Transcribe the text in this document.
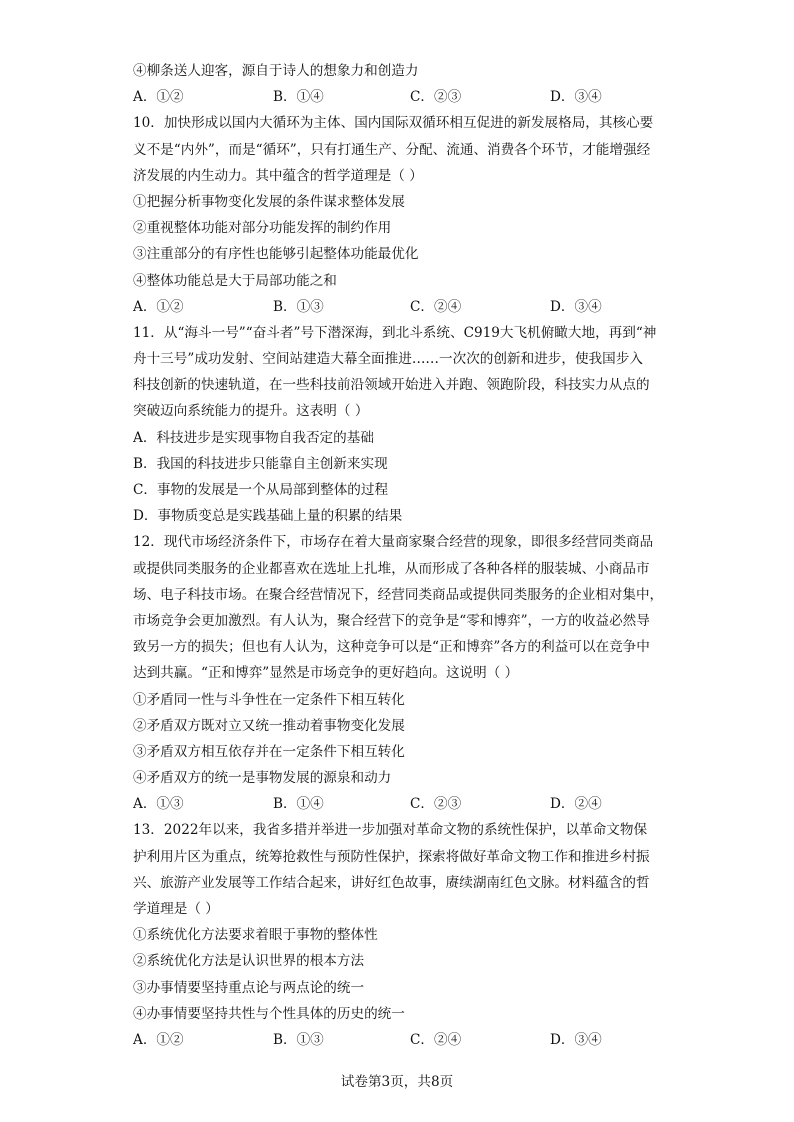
④柳条送人迎客，源自于诗人的想象力和创造力
A．①②	B．①④	C．②③	D．③④
10．加快形成以国内大循环为主体、国内国际双循环相互促进的新发展格局，其核心要
义不是“内外”，而是“循环”，只有打通生产、分配、流通、消费各个环节，才能增强经
济发展的内生动力。其中蕴含的哲学道理是（ ）
①把握分析事物变化发展的条件谋求整体发展
②重视整体功能对部分功能发挥的制约作用
③注重部分的有序性也能够引起整体功能最优化
④整体功能总是大于局部功能之和
A．①②	B．①③	C．②④	D．③④
11．从“海斗一号”“奋斗者”号下潜深海，到北斗系统、C919大飞机俯瞰大地，再到“神
舟十三号”成功发射、空间站建造大幕全面推进……一次次的创新和进步，使我国步入
科技创新的快速轨道，在一些科技前沿领域开始进入并跑、领跑阶段，科技实力从点的
突破迈向系统能力的提升。这表明（ ）
A．科技进步是实现事物自我否定的基础
B．我国的科技进步只能靠自主创新来实现
C．事物的发展是一个从局部到整体的过程
D．事物质变总是实践基础上量的积累的结果
12．现代市场经济条件下，市场存在着大量商家聚合经营的现象，即很多经营同类商品
或提供同类服务的企业都喜欢在选址上扎堆，从而形成了各种各样的服装城、小商品市
场、电子科技市场。在聚合经营情况下，经营同类商品或提供同类服务的企业相对集中，
市场竞争会更加激烈。有人认为，聚合经营下的竞争是“零和博弈”，一方的收益必然导
致另一方的损失；但也有人认为，这种竞争可以是“正和博弈”各方的利益可以在竞争中
达到共赢。“正和博弈”显然是市场竞争的更好趋向。这说明（ ）
①矛盾同一性与斗争性在一定条件下相互转化
②矛盾双方既对立又统一推动着事物变化发展
③矛盾双方相互依存并在一定条件下相互转化
④矛盾双方的统一是事物发展的源泉和动力
A．①③	B．①④	C．②③	D．②④
13．2022年以来，我省多措并举进一步加强对革命文物的系统性保护，以革命文物保
护利用片区为重点，统筹抢救性与预防性保护，探索将做好革命文物工作和推进乡村振
兴、旅游产业发展等工作结合起来，讲好红色故事，赓续湖南红色文脉。材料蕴含的哲
学道理是（ ）
①系统优化方法要求着眼于事物的整体性
②系统优化方法是认识世界的根本方法
③办事情要坚持重点论与两点论的统一
④办事情要坚持共性与个性具体的历史的统一
A．①②	B．①③	C．②④	D．③④
试卷第3页，共8页
